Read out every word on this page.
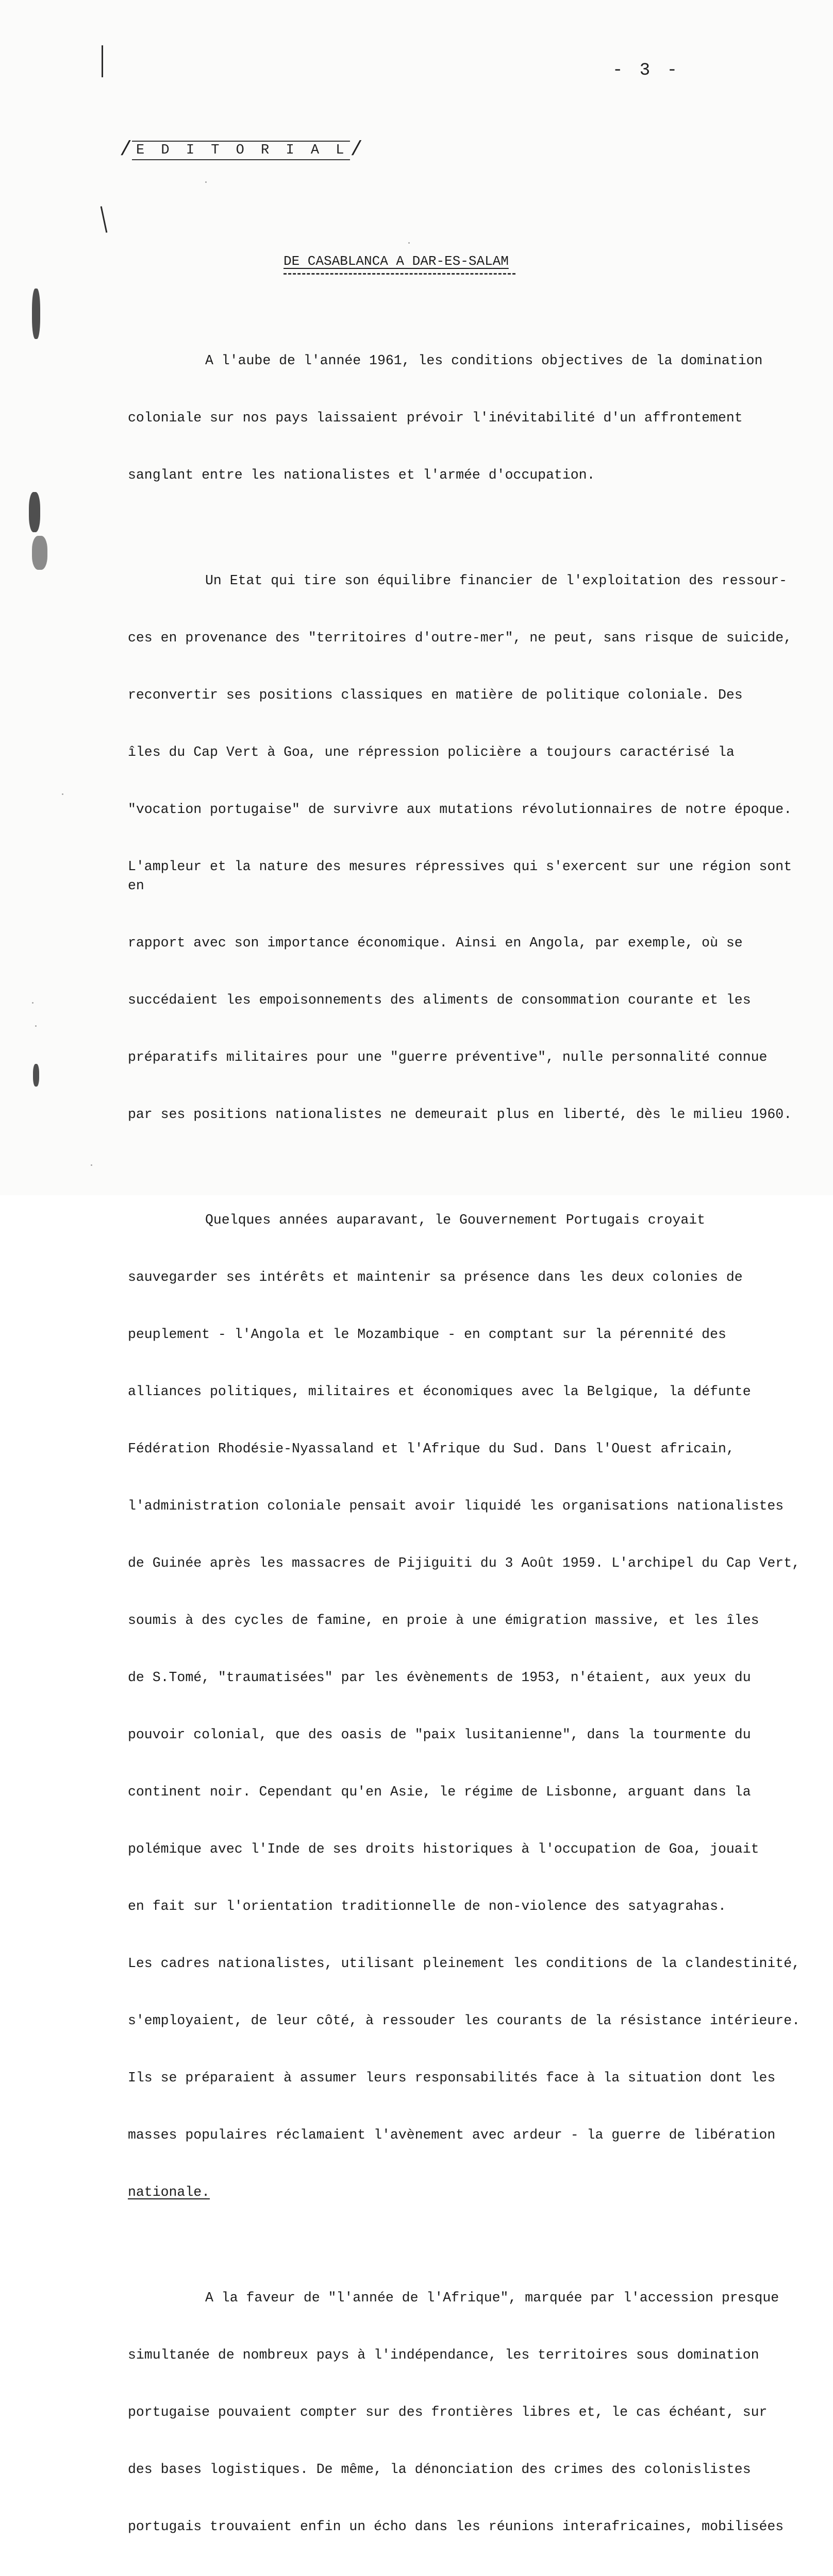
- 3 -
/ E D I T O R I A L /
DE CASABLANCA A DAR-ES-SALAM

A l'aube de l'année 1961, les conditions objectives de la domination

coloniale sur nos pays laissaient prévoir l'inévitabilité d'un affrontement

sanglant entre les nationalistes et l'armée d'occupation.

Un Etat qui tire son équilibre financier de l'exploitation des ressour-

ces en provenance des "territoires d'outre-mer", ne peut, sans risque de suicide,

reconvertir ses positions classiques en matière de politique coloniale. Des

îles du Cap Vert à Goa, une répression policière a toujours caractérisé la

"vocation portugaise" de survivre aux mutations révolutionnaires de notre époque.

L'ampleur et la nature des mesures répressives qui s'exercent sur une région sont en

rapport avec son importance économique. Ainsi en Angola, par exemple, où se

succédaient les empoisonnements des aliments de consommation courante et les

préparatifs militaires pour une "guerre préventive", nulle personnalité connue

par ses positions nationalistes ne demeurait plus en liberté, dès le milieu 1960.

Quelques années auparavant, le Gouvernement Portugais croyait

sauvegarder ses intérêts et maintenir sa présence dans les deux colonies de

peuplement - l'Angola et le Mozambique - en comptant sur la pérennité des

alliances politiques, militaires et économiques avec la Belgique, la défunte

Fédération Rhodésie-Nyassaland et l'Afrique du Sud. Dans l'Ouest africain,

l'administration coloniale pensait avoir liquidé les organisations nationalistes

de Guinée après les massacres de Pijiguiti du 3 Août 1959. L'archipel du Cap Vert,

soumis à des cycles de famine, en proie à une émigration massive, et les îles

de S.Tomé, "traumatisées" par les évènements de 1953, n'étaient, aux yeux du

pouvoir colonial, que des oasis de "paix lusitanienne", dans la tourmente du

continent noir. Cependant qu'en Asie, le régime de Lisbonne, arguant dans la

polémique avec l'Inde de ses droits historiques à l'occupation de Goa, jouait

en fait sur l'orientation traditionnelle de non-violence des satyagrahas.

Les cadres nationalistes, utilisant pleinement les conditions de la clandestinité,

s'employaient, de leur côté, à ressouder les courants de la résistance intérieure.

Ils se préparaient à assumer leurs responsabilités face à la situation dont les

masses populaires réclamaient l'avènement avec ardeur - la guerre de libération

nationale.

A la faveur de "l'année de l'Afrique", marquée par l'accession presque

simultanée de nombreux pays à l'indépendance, les territoires sous domination

portugaise pouvaient compter sur des frontières libres et, le cas échéant, sur

des bases logistiques. De même, la dénonciation des crimes des colonislistes

portugais trouvaient enfin un écho dans les réunions interafricaines, mobilisées
